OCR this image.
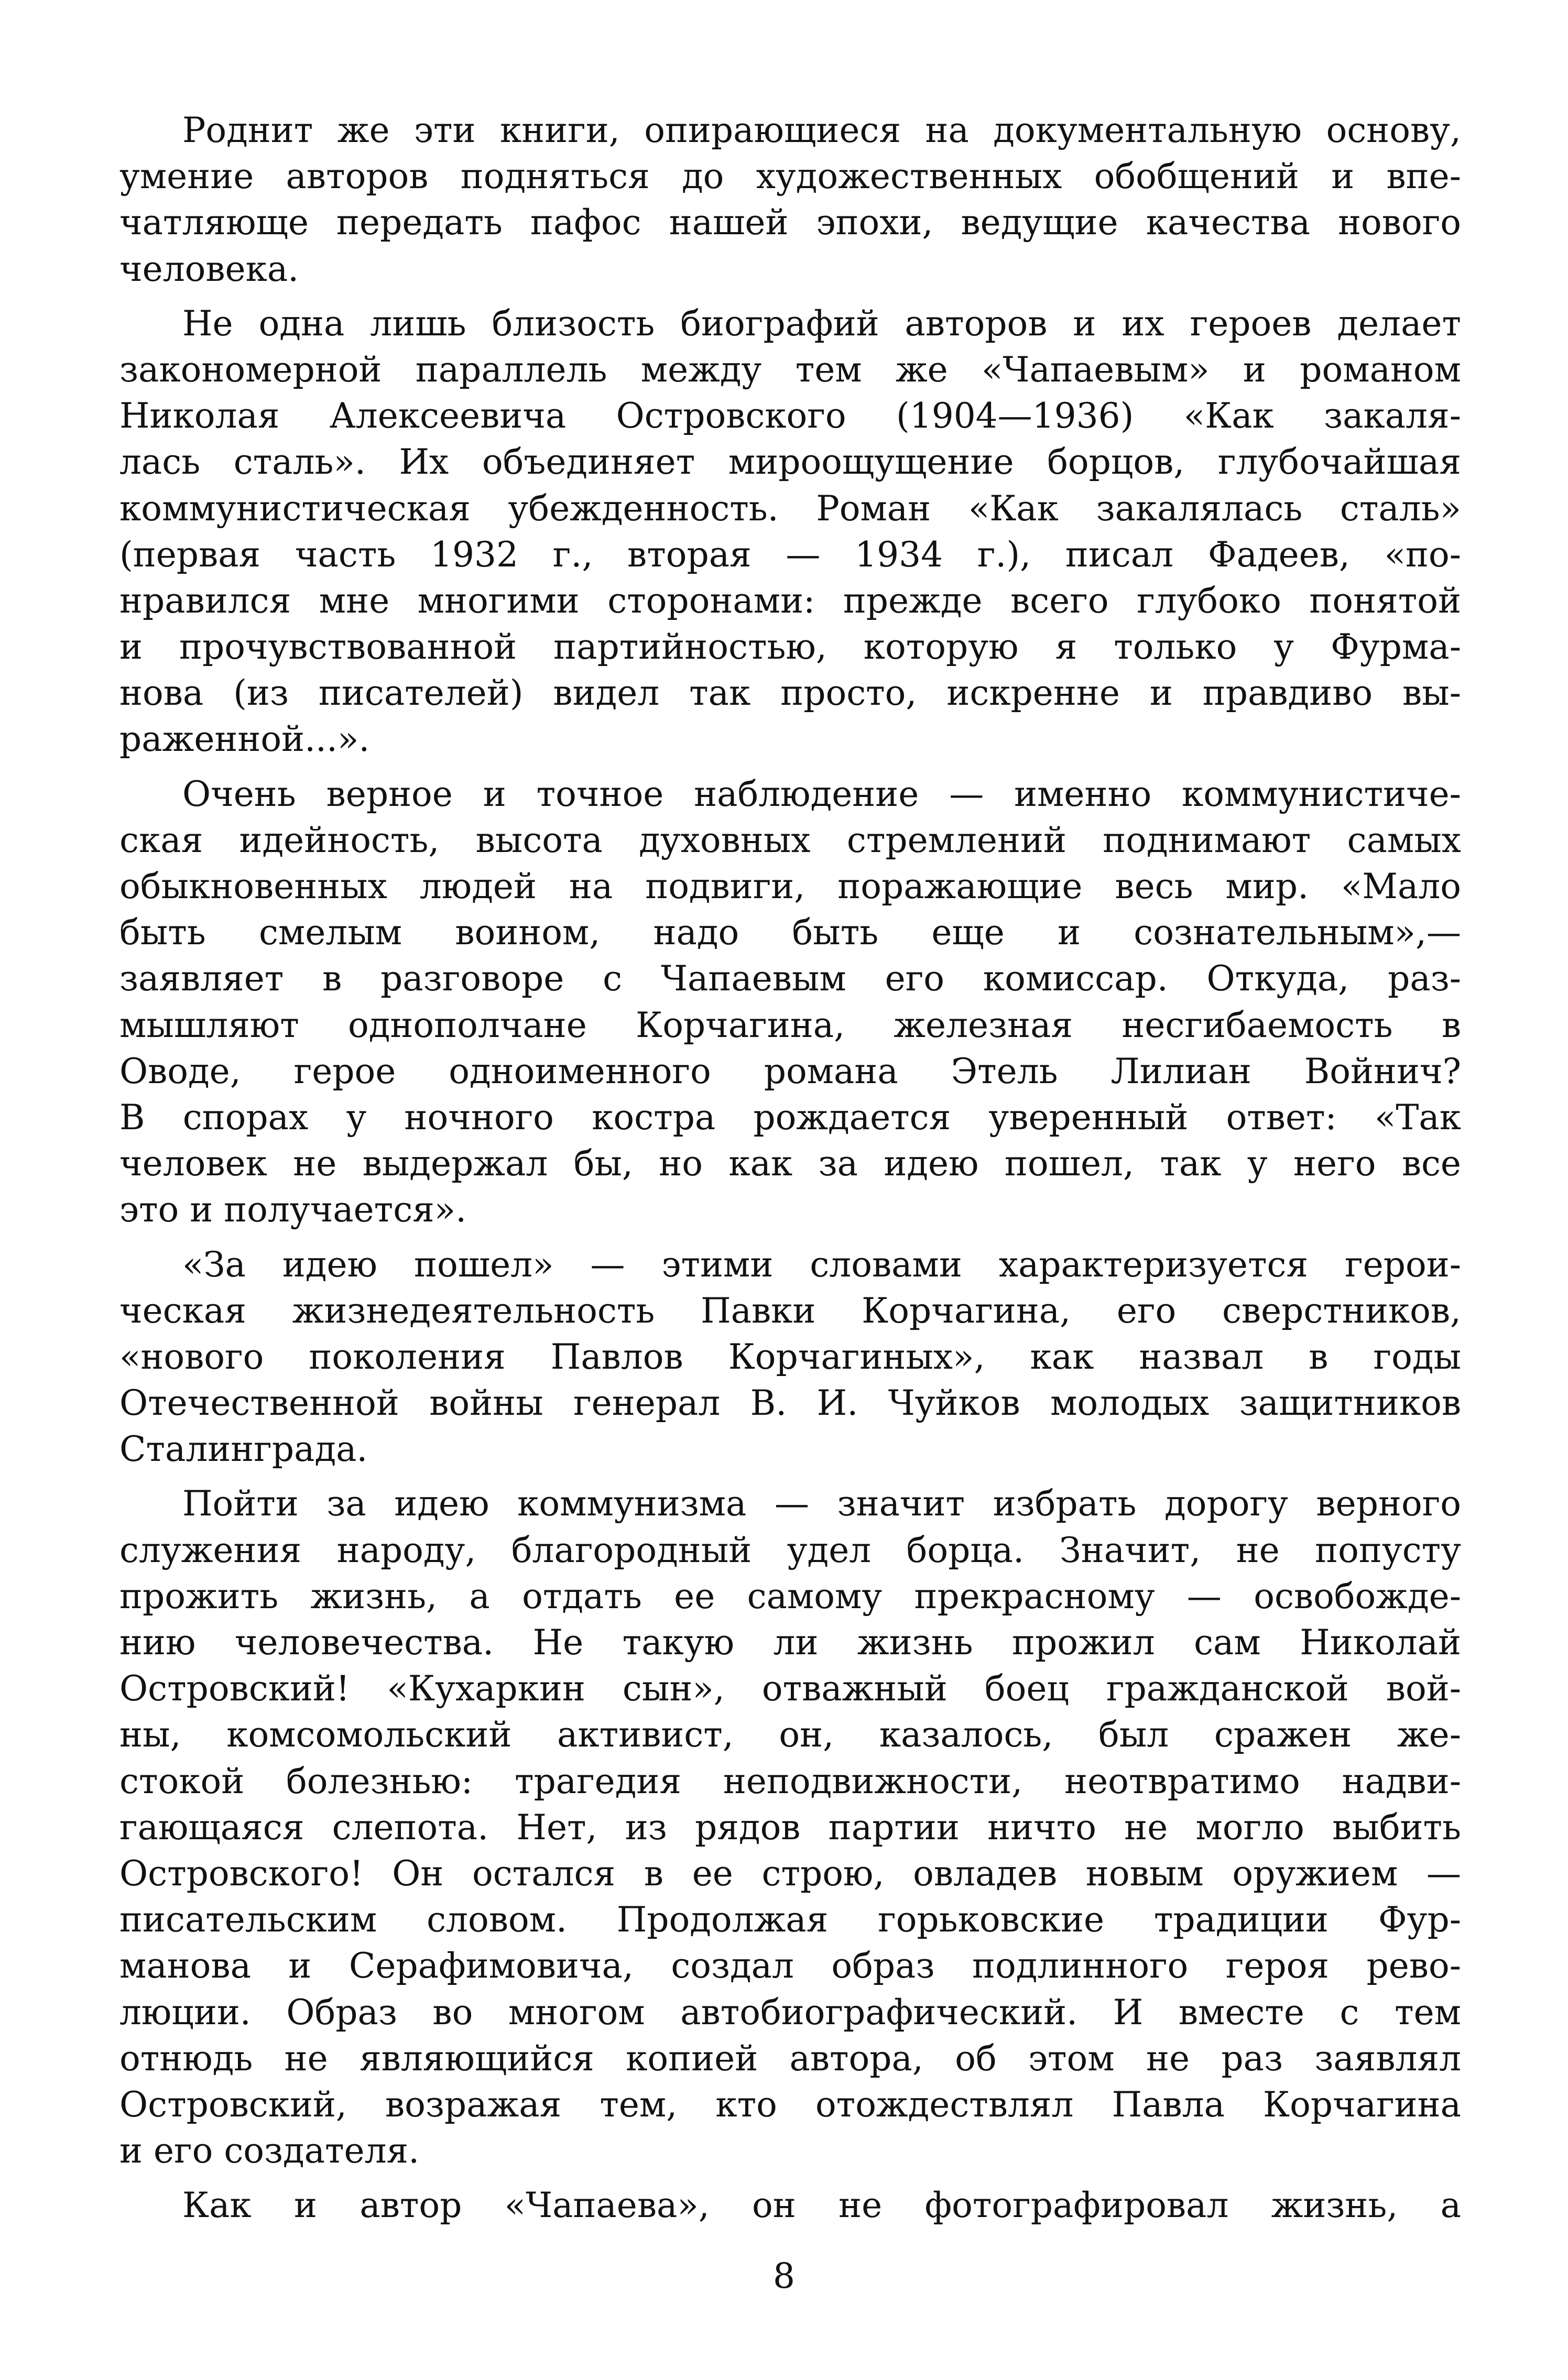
Роднит же эти книги, опирающиеся на документальную основу,
умение авторов подняться до художественных обобщений и впе-
чатляюще передать пафос нашей эпохи, ведущие качества нового
человека.
Не одна лишь близость биографий авторов и их героев делает
закономерной параллель между тем же «Чапаевым» и романом
Николая Алексеевича Островского (1904—1936) «Как закаля-
лась сталь». Их объединяет мироощущение борцов, глубочайшая
коммунистическая убежденность. Роман «Как закалялась сталь»
(первая часть 1932 г., вторая — 1934 г.), писал Фадеев, «по-
нравился мне многими сторонами: прежде всего глубоко понятой
и прочувствованной партийностью, которую я только у Фурма-
нова (из писателей) видел так просто, искренне и правдиво вы-
раженной...».
Очень верное и точное наблюдение — именно коммунистиче-
ская идейность, высота духовных стремлений поднимают самых
обыкновенных людей на подвиги, поражающие весь мир. «Мало
быть смелым воином, надо быть еще и сознательным»,—
заявляет в разговоре с Чапаевым его комиссар. Откуда, раз-
мышляют однополчане Корчагина, железная несгибаемость в
Оводе, герое одноименного романа Этель Лилиан Войнич?
В спорах у ночного костра рождается уверенный ответ: «Так
человек не выдержал бы, но как за идею пошел, так у него все
это и получается».
«За идею пошел» — этими словами характеризуется герои-
ческая жизнедеятельность Павки Корчагина, его сверстников,
«нового поколения Павлов Корчагиных», как назвал в годы
Отечественной войны генерал В. И. Чуйков молодых защитников
Сталинграда.
Пойти за идею коммунизма — значит избрать дорогу верного
служения народу, благородный удел борца. Значит, не попусту
прожить жизнь, а отдать ее самому прекрасному — освобожде-
нию человечества. Не такую ли жизнь прожил сам Николай
Островский! «Кухаркин сын», отважный боец гражданской вой-
ны, комсомольский активист, он, казалось, был сражен же-
стокой болезнью: трагедия неподвижности, неотвратимо надви-
гающаяся слепота. Нет, из рядов партии ничто не могло выбить
Островского! Он остался в ее строю, овладев новым оружием —
писательским словом. Продолжая горьковские традиции Фур-
манова и Серафимовича, создал образ подлинного героя рево-
люции. Образ во многом автобиографический. И вместе с тем
отнюдь не являющийся копией автора, об этом не раз заявлял
Островский, возражая тем, кто отождествлял Павла Корчагина
и его создателя.
Как и автор «Чапаева», он не фотографировал жизнь, а
8
